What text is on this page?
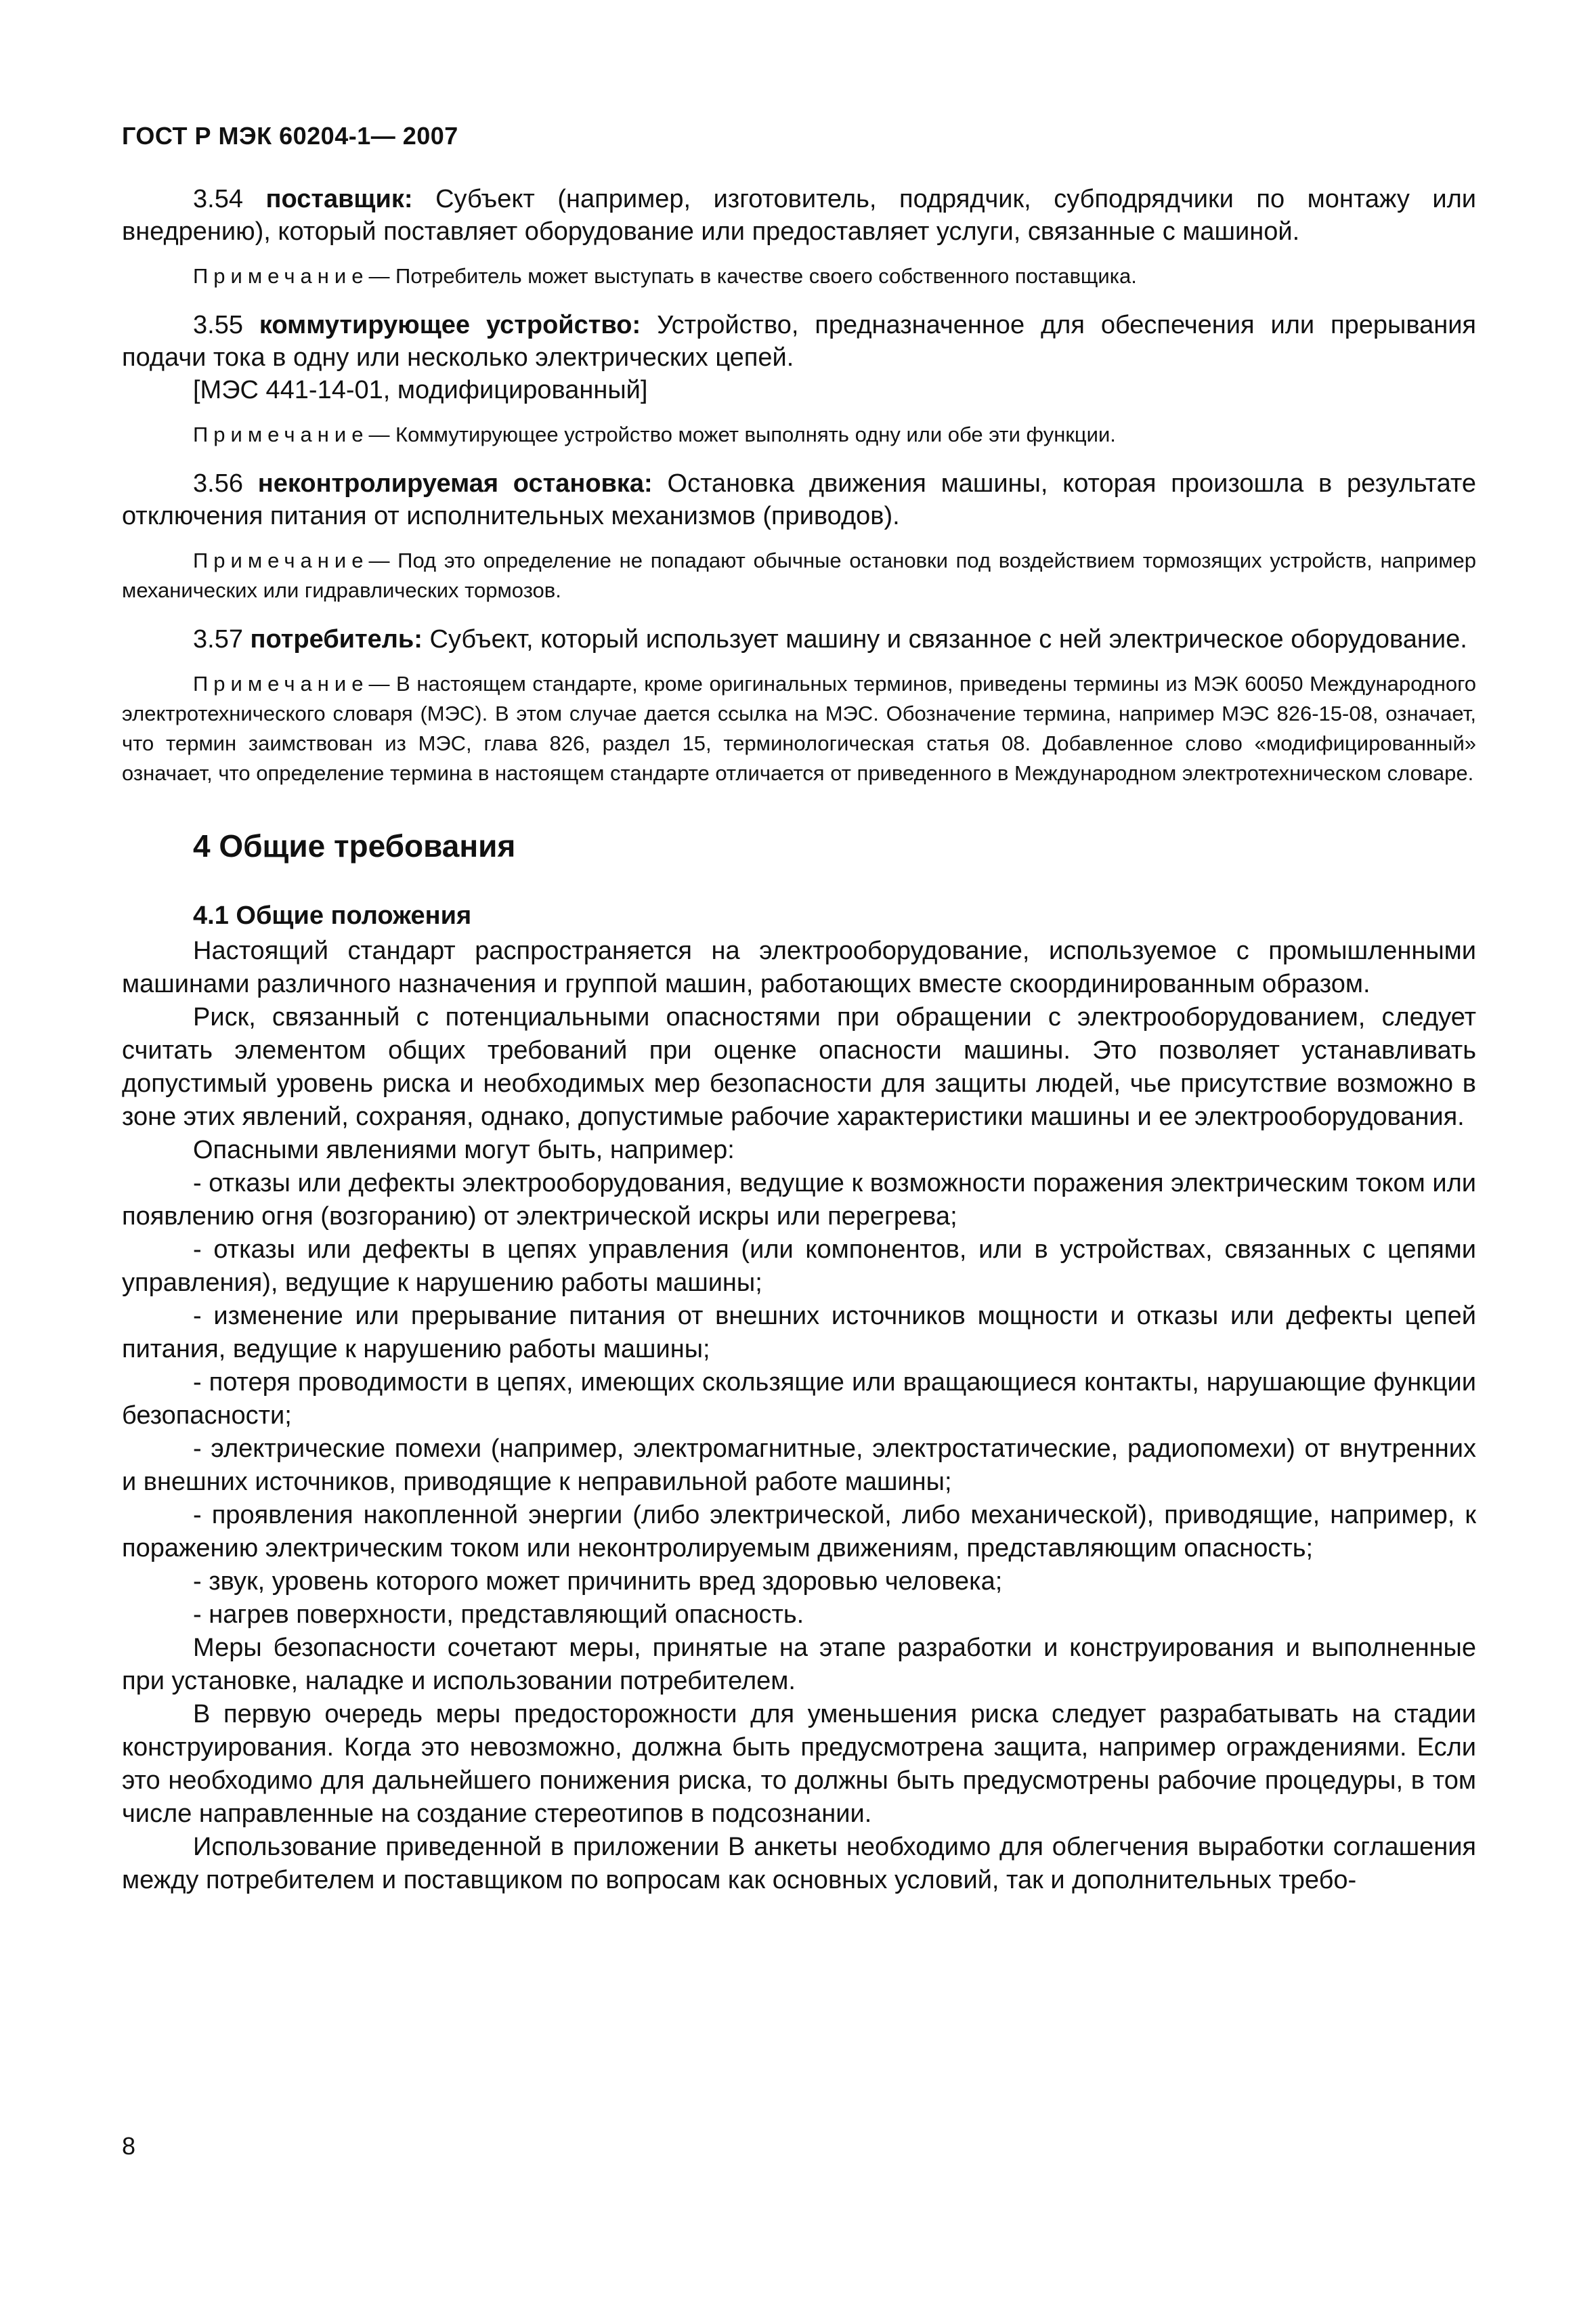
ГОСТ Р МЭК 60204-1— 2007

3.54 поставщик: Субъект (например, изготовитель, подрядчик, субподрядчики по монтажу или внедрению), который поставляет оборудование или предоставляет услуги, связанные с машиной.

Примечание— Потребитель может выступать в качестве своего собственного поставщика.

3.55 коммутирующее устройство: Устройство, предназначенное для обеспечения или прерывания подачи тока в одну или несколько электрических цепей.

[МЭС 441-14-01, модифицированный]

Примечание— Коммутирующее устройство может выполнять одну или обе эти функции.

3.56 неконтролируемая остановка: Остановка движения машины, которая произошла в результате отключения питания от исполнительных механизмов (приводов).

Примечание— Под это определение не попадают обычные остановки под воздействием тормозящих устройств, например механических или гидравлических тормозов.

3.57 потребитель: Субъект, который использует машину и связанное с ней электрическое оборудование.

Примечание— В настоящем стандарте, кроме оригинальных терминов, приведены термины из МЭК 60050 Международного электротехнического словаря (МЭС). В этом случае дается ссылка на МЭС. Обозначение термина, например МЭС 826-15-08, означает, что термин заимствован из МЭС, глава 826, раздел 15, терминологическая статья 08. Добавленное слово «модифицированный» означает, что определение термина в настоящем стандарте отличается от приведенного в Международном электротехническом словаре.

4 Общие требования
4.1 Общие положения

Настоящий стандарт распространяется на электрооборудование, используемое с промышленными машинами различного назначения и группой машин, работающих вместе скоординированным образом.

Риск, связанный с потенциальными опасностями при обращении с электрооборудованием, следует считать элементом общих требований при оценке опасности машины. Это позволяет устанавливать допустимый уровень риска и необходимых мер безопасности для защиты людей, чье присутствие возможно в зоне этих явлений, сохраняя, однако, допустимые рабочие характеристики машины и ее электрооборудования.

Опасными явлениями могут быть, например:

- отказы или дефекты электрооборудования, ведущие к возможности поражения электрическим током или появлению огня (возгоранию) от электрической искры или перегрева;

- отказы или дефекты в цепях управления (или компонентов, или в устройствах, связанных с цепями управления), ведущие к нарушению работы машины;

- изменение или прерывание питания от внешних источников мощности и отказы или дефекты цепей питания, ведущие к нарушению работы машины;

- потеря проводимости в цепях, имеющих скользящие или вращающиеся контакты, нарушающие функции безопасности;

- электрические помехи (например, электромагнитные, электростатические, радиопомехи) от внутренних и внешних источников, приводящие к неправильной работе машины;

- проявления накопленной энергии (либо электрической, либо механической), приводящие, например, к поражению электрическим током или неконтролируемым движениям, представляющим опасность;

- звук, уровень которого может причинить вред здоровью человека;

- нагрев поверхности, представляющий опасность.

Меры безопасности сочетают меры, принятые на этапе разработки и конструирования и выполненные при установке, наладке и использовании потребителем.

В первую очередь меры предосторожности для уменьшения риска следует разрабатывать на стадии конструирования. Когда это невозможно, должна быть предусмотрена защита, например ограждениями. Если это необходимо для дальнейшего понижения риска, то должны быть предусмотрены рабочие процедуры, в том числе направленные на создание стереотипов в подсознании.

Использование приведенной в приложении В анкеты необходимо для облегчения выработки соглашения между потребителем и поставщиком по вопросам как основных условий, так и дополнительных требо-

8
